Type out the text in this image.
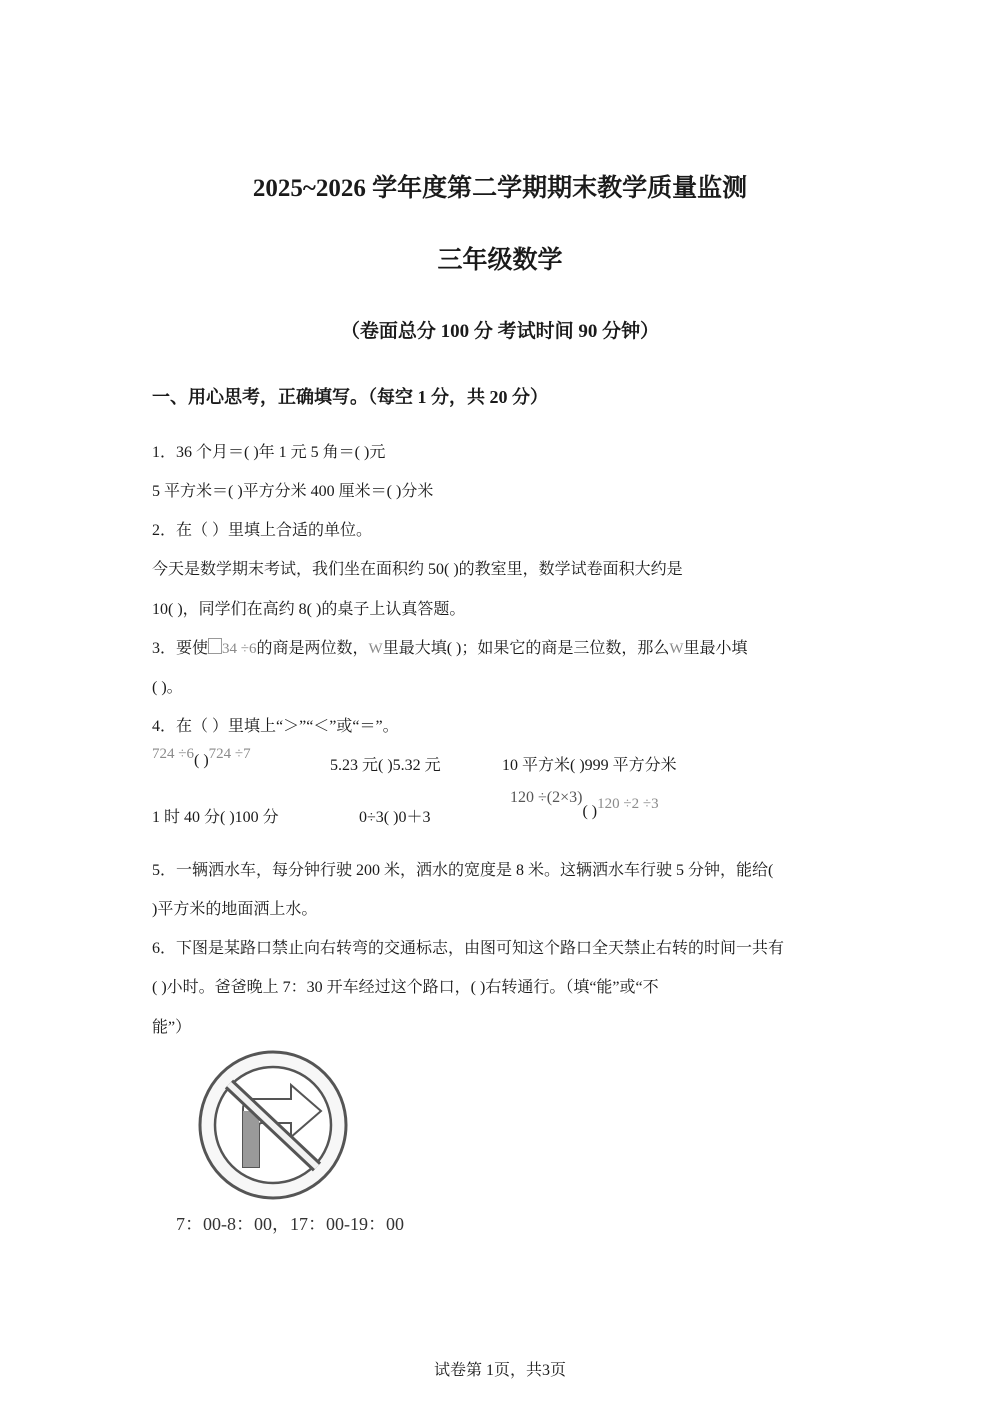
2025~2026 学年度第二学期期末教学质量监测
三年级数学
（卷面总分 100 分 考试时间 90 分钟）
一、用心思考，正确填写。（每空 1 分，共 20 分）
1．36 个月＝( )年 1 元 5 角＝( )元
5 平方米＝( )平方分米 400 厘米＝( )分米
2．在（ ）里填上合适的单位。
今天是数学期末考试，我们坐在面积约 50( )的教室里，数学试卷面积大约是
10( )，同学们在高约 8( )的桌子上认真答题。
3．要使 34 ÷6的商是两位数，W里最大填( )；如果它的商是三位数，那么W里最小填
( )。
4．在（ ）里填上“＞”“＜”或“＝”。
724 ÷6( )724 ÷7
5.23 元( )5.32 元	10 平方米( )999 平方分米
1 时 40 分( )100 分	0÷3( )0＋3
120 ÷(2×3)( )120 ÷2 ÷3
5．一辆洒水车，每分钟行驶 200 米，洒水的宽度是 8 米。这辆洒水车行驶 5 分钟，能给(
)平方米的地面洒上水。
6．下图是某路口禁止向右转弯的交通标志，由图可知这个路口全天禁止右转的时间一共有
( )小时。爸爸晚上 7：30 开车经过这个路口，( )右转通行。（填“能”或“不
能”）
7：00-8：00，17：00-19：00
试卷第 1页，共3页
